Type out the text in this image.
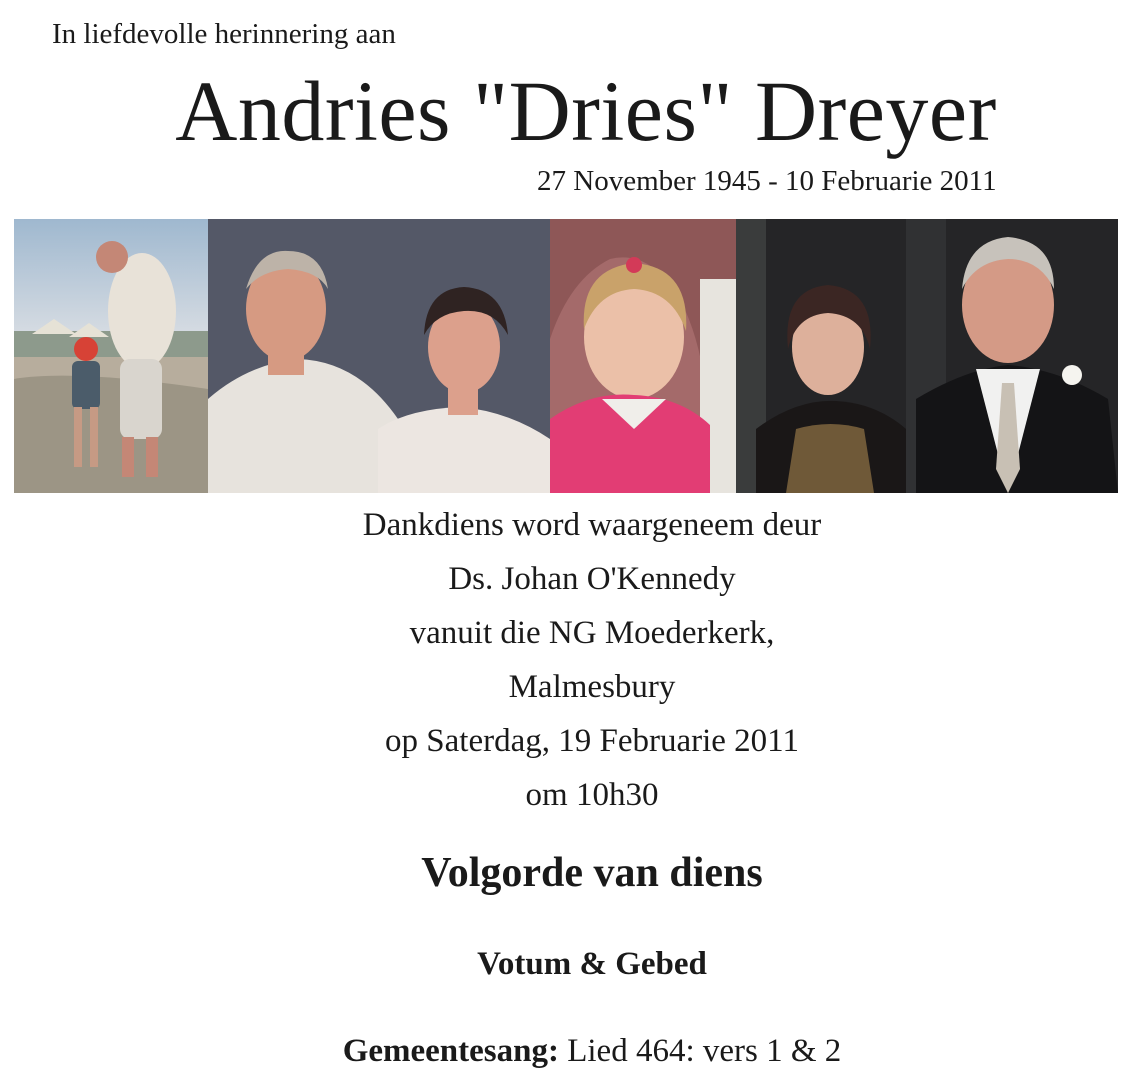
In liefdevolle herinnering aan
Andries "Dries" Dreyer
27 November 1945 - 10 Februarie 2011
Dankdiens word waargeneem deur
Ds. Johan O'Kennedy
vanuit die NG Moederkerk,
Malmesbury
op Saterdag, 19 Februarie 2011
om 10h30
Volgorde van diens
Votum & Gebed
Gemeentesang: Lied 464: vers 1 & 2
